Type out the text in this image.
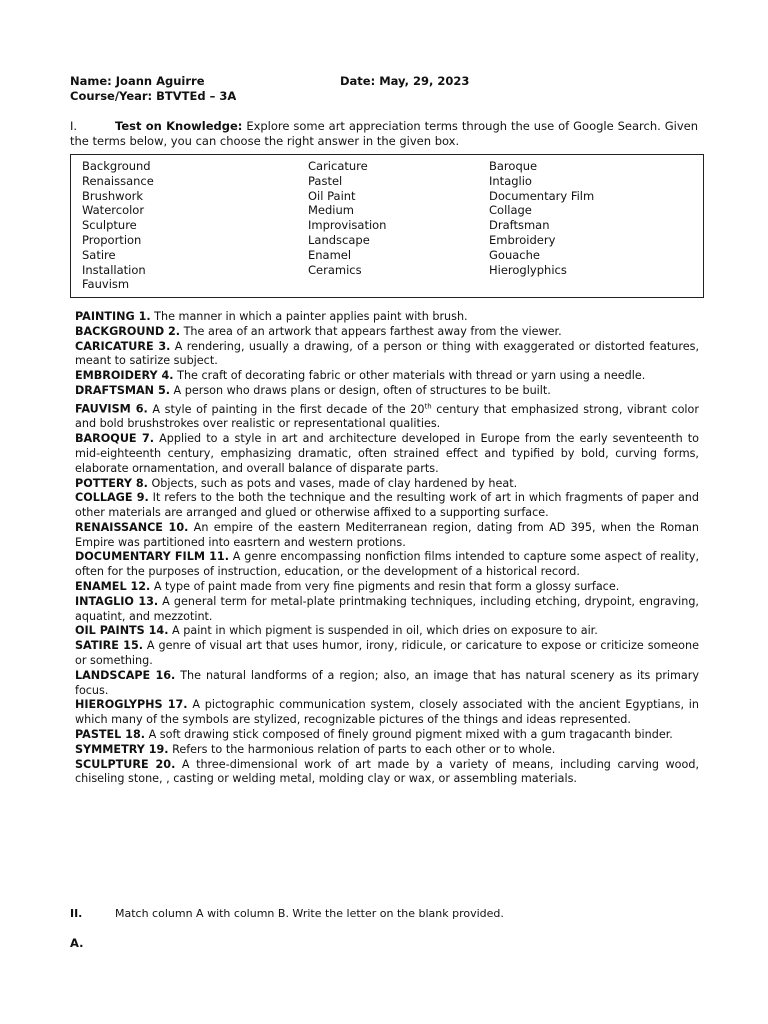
Name: Joann Aguirre	Date: May, 29, 2023
Course/Year: BTVTEd – 3A
I.	Test on Knowledge: Explore some art appreciation terms through the use of Google Search. Given the terms below, you can choose the right answer in the given box.
Background
Renaissance
Brushwork
Watercolor
Sculpture
Proportion
Satire
Installation
Fauvism
Caricature
Pastel
Oil Paint
Medium
Improvisation
Landscape
Enamel
Ceramics
Baroque
Intaglio
Documentary Film
Collage
Draftsman
Embroidery
Gouache
Hieroglyphics

PAINTING 1. The manner in which a painter applies paint with brush.

BACKGROUND 2. The area of an artwork that appears farthest away from the viewer.

CARICATURE 3. A rendering, usually a drawing, of a person or thing with exaggerated or distorted features, meant to satirize subject.

EMBROIDERY 4. The craft of decorating fabric or other materials with thread or yarn using a needle.

DRAFTSMAN 5. A person who draws plans or design, often of structures to be built.

FAUVISM 6. A style of painting in the first decade of the 20th century that emphasized strong, vibrant color and bold brushstrokes over realistic or representational qualities.

BAROQUE 7. Applied to a style in art and architecture developed in Europe from the early seventeenth to mid-eighteenth century, emphasizing dramatic, often strained effect and typified by bold, curving forms, elaborate ornamentation, and overall balance of disparate parts.

POTTERY 8. Objects, such as pots and vases, made of clay hardened by heat.

COLLAGE 9. It refers to the both the technique and the resulting work of art in which fragments of paper and other materials are arranged and glued or otherwise affixed to a supporting surface.

RENAISSANCE 10. An empire of the eastern Mediterranean region, dating from AD 395, when the Roman Empire was partitioned into easrtern and western protions.

DOCUMENTARY FILM 11. A genre encompassing nonfiction films intended to capture some aspect of reality, often for the purposes of instruction, education, or the development of a historical record.

ENAMEL 12. A type of paint made from very fine pigments and resin that form a glossy surface.

INTAGLIO 13. A general term for metal-plate printmaking techniques, including etching, drypoint, engraving, aquatint, and mezzotint.

OIL PAINTS 14. A paint in which pigment is suspended in oil, which dries on exposure to air.

SATIRE 15. A genre of visual art that uses humor, irony, ridicule, or caricature to expose or criticize someone or something.

LANDSCAPE 16. The natural landforms of a region; also, an image that has natural scenery as its primary focus.

HIEROGLYPHS 17. A pictographic communication system, closely associated with the ancient Egyptians, in which many of the symbols are stylized, recognizable pictures of the things and ideas represented.

PASTEL 18. A soft drawing stick composed of finely ground pigment mixed with a gum tragacanth binder.

SYMMETRY 19. Refers to the harmonious relation of parts to each other or to whole.

SCULPTURE 20. A three-dimensional work of art made by a variety of means, including carving wood, chiseling stone, , casting or welding metal, molding clay or wax, or assembling materials.

II.	Match column A with column B. Write the letter on the blank provided.
A.
